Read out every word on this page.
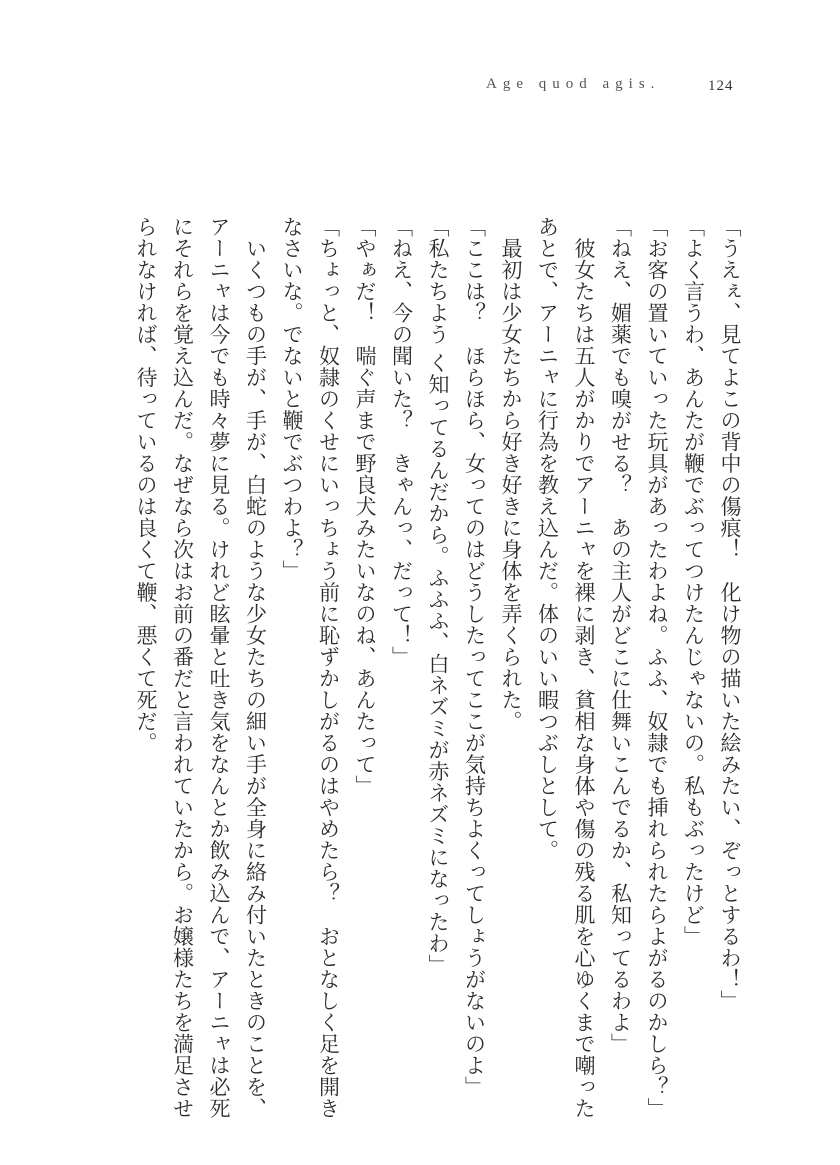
Age quod agis.	124
「うえぇ、見てよこの背中の傷痕！　化け物の描いた絵みたい、ぞっとするわ！」
「よく言うわ、あんたが鞭でぶってつけたんじゃないの。私もぶったけど」
「お客の置いていった玩具があったわよね。ふふ、奴隷でも挿れられたらよがるのかしら？」
「ねえ、媚薬でも嗅がせる？　あの主人がどこに仕舞いこんでるか、私知ってるわよ」
　彼女たちは五人がかりでアーニャを裸に剥き、貧相な身体や傷の残る肌を心ゆくまで嘲った
あとで、アーニャに行為を教え込んだ。体のいい暇つぶしとして。
　最初は少女たちから好き好きに身体を弄くられた。
「ここは？　ほらほら、女ってのはどうしたってここが気持ちよくってしょうがないのよ」
「私たちよう く知ってるんだから。ふふふ、白ネズミが赤ネズミになったわ」
「ねえ、今の聞いた？　きゃんっ、だって！」
「やぁだ！　喘ぐ声まで野良犬みたいなのね、あんたって」
「ちょっと、奴隷のくせにいっちょう前に恥ずかしがるのはやめたら？　おとなしく足を開き
なさいな。でないと鞭でぶつわよ？」
　いくつもの手が、手が、白蛇のような少女たちの細い手が全身に絡み付いたときのことを、
アーニャは今でも時々夢に見る。けれど眩暈と吐き気をなんとか飲み込んで、アーニャは必死
にそれらを覚え込んだ。なぜなら次はお前の番だと言われていたから。お嬢様たちを満足させ
られなければ、待っているのは良くて鞭、悪くて死だ。
